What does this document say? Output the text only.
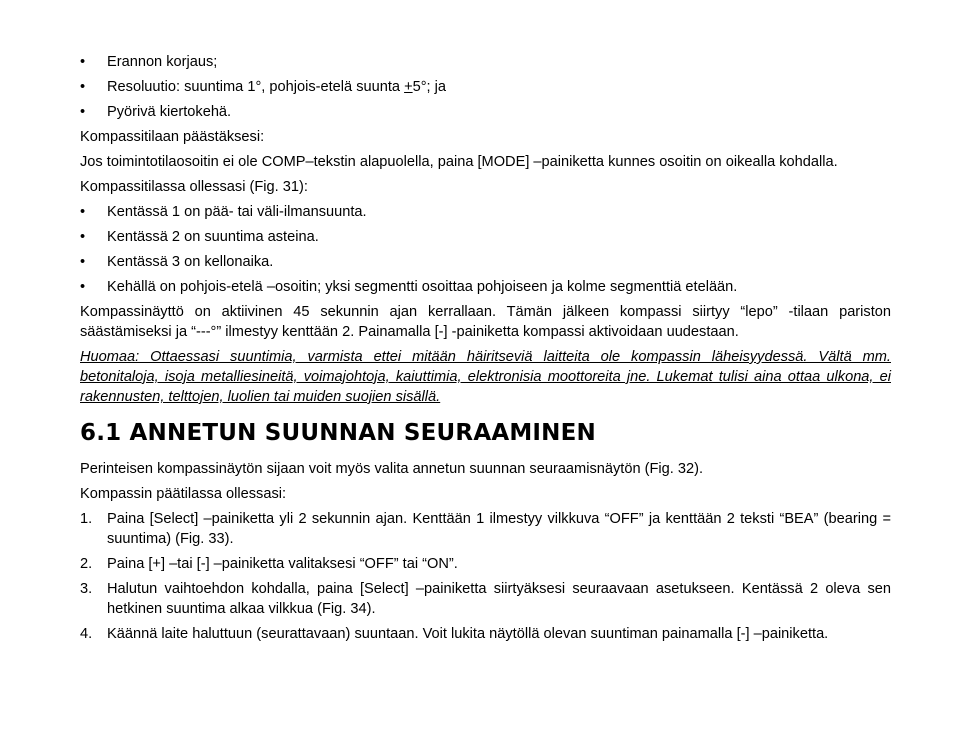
•	Erannon korjaus;
•	Resoluutio: suuntima 1°, pohjois-etelä suunta +5°; ja
•	Pyörivä kiertokehä.

Kompassitilaan päästäksesi:

Jos toimintotilaosoitin ei ole COMP–tekstin alapuolella, paina [MODE] –painiketta kunnes osoitin on oikealla kohdalla.

Kompassitilassa ollessasi (Fig. 31):

•	Kentässä 1 on pää- tai väli-ilmansuunta.
•	Kentässä 2 on suuntima asteina.
•	Kentässä 3 on kellonaika.
•	Kehällä on pohjois-etelä –osoitin; yksi segmentti osoittaa pohjoiseen ja kolme segmenttiä etelään.

Kompassinäyttö on aktiivinen 45 sekunnin ajan kerrallaan. Tämän jälkeen kompassi siirtyy “lepo” -tilaan pariston säästämiseksi ja “---°” ilmestyy kenttään 2. Painamalla [-] -painiketta kompassi aktivoidaan uudestaan.

Huomaa: Ottaessasi suuntimia, varmista ettei mitään häiritseviä laitteita ole kompassin läheisyydessä. Vältä mm. betonitaloja, isoja metalliesineitä, voimajohtoja, kaiuttimia, elektronisia moottoreita jne. Lukemat tulisi aina ottaa ulkona, ei rakennusten, telttojen, luolien tai muiden suojien sisällä.

6.1 ANNETUN SUUNNAN SEURAAMINEN

Perinteisen kompassinäytön sijaan voit myös valita annetun suunnan seuraamisnäytön (Fig. 32).

Kompassin päätilassa ollessasi:

1.	Paina [Select] –painiketta yli 2 sekunnin ajan. Kenttään 1 ilmestyy vilkkuva “OFF” ja kenttään 2 teksti “BEA” (bearing = suuntima) (Fig. 33).
2.	Paina [+] –tai [-] –painiketta valitaksesi “OFF” tai “ON”.
3.	Halutun vaihtoehdon kohdalla, paina [Select] –painiketta siirtyäksesi seuraavaan asetukseen. Kentässä 2 oleva sen hetkinen suuntima alkaa vilkkua (Fig. 34).
4.	Käännä laite haluttuun (seurattavaan) suuntaan. Voit lukita näytöllä olevan suuntiman painamalla [-] –painiketta.
